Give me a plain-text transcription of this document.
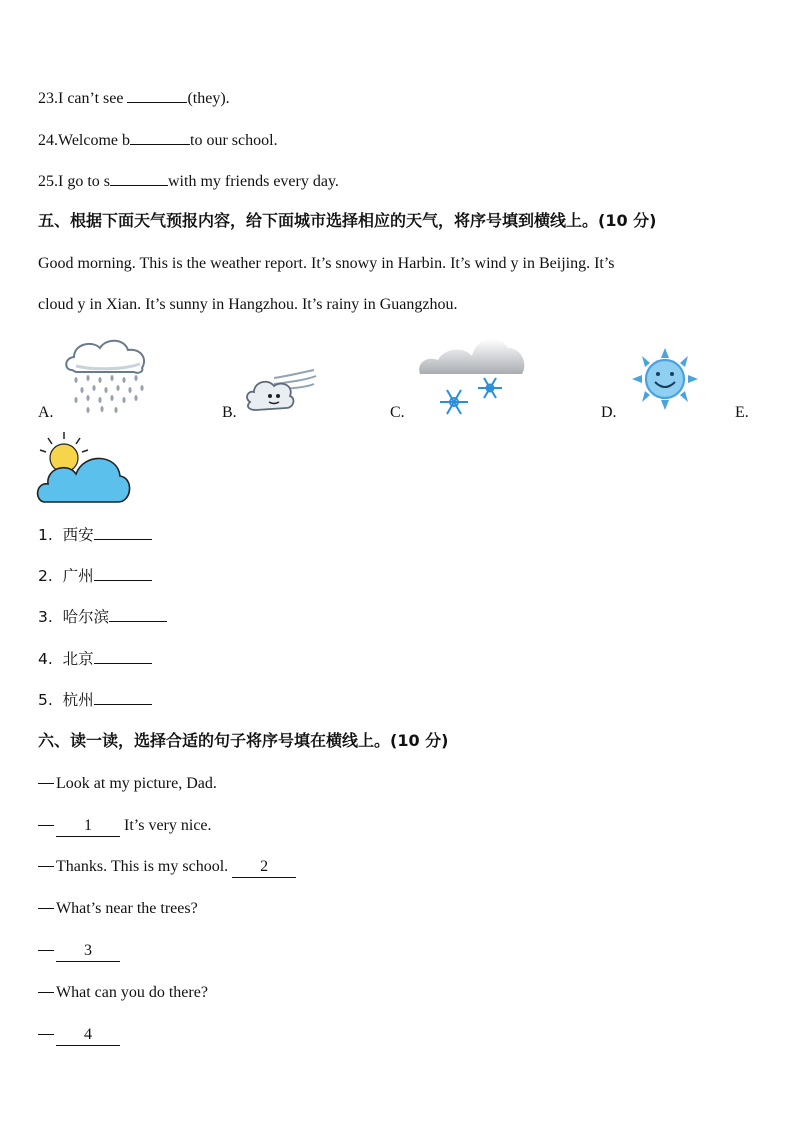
23.I can’t see	(they).
24.Welcome b	to our school.
25.I go to s	with my friends every day.
五、根据下面天气预报内容，给下面城市选择相应的天气，将序号填到横线上。(10 分)
Good morning. This is the weather report. It’s snowy in Harbin. It’s wind y in Beijing. It’s
cloud y in Xian. It’s sunny in Hangzhou. It’s rainy in Guangzhou.
A.	B.	C.	D.	E.
1. 西安
2. 广州
3. 哈尔滨
4. 北京
5. 杭州
六、读一读，选择合适的句子将序号填在横线上。(10 分)
Look at my picture, Dad.
1 It’s very nice.
Thanks. This is my school. 2
What’s near the trees?
3
What can you do there?
4
